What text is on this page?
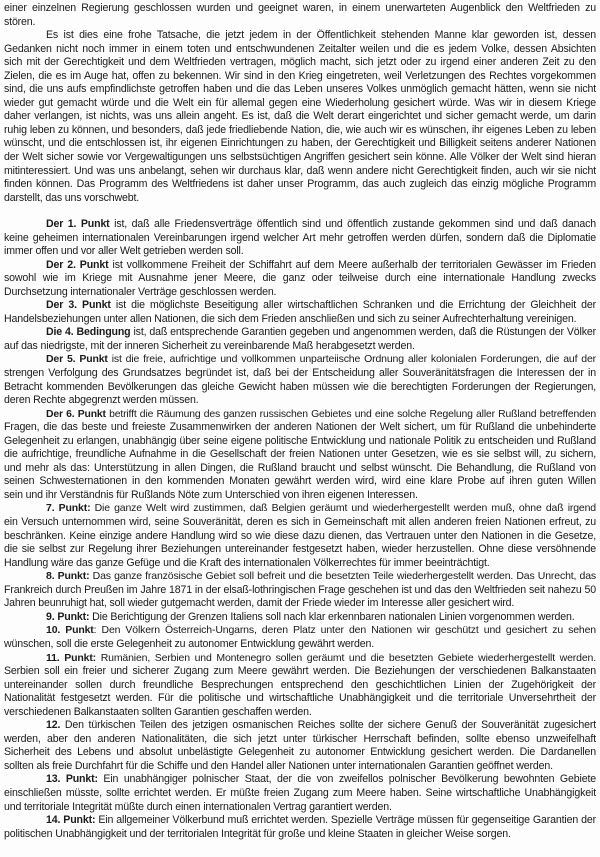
einer einzelnen Regierung geschlossen wurden und geeignet waren, in einem unerwarteten Augenblick den Weltfrieden zu
stören.

Es ist dies eine frohe Tatsache, die jetzt jedem in der Öffentlichkeit stehenden Manne klar geworden ist, dessen
Gedanken nicht noch immer in einem toten und entschwundenen Zeitalter weilen und die es jedem Volke, dessen Absichten
sich mit der Gerechtigkeit und dem Weltfrieden vertragen, möglich macht, sich jetzt oder zu irgend einer anderen Zeit zu den
Zielen, die es im Auge hat, offen zu bekennen. Wir sind in den Krieg eingetreten, weil Verletzungen des Rechtes vorgekommen
sind, die uns aufs empfindlichste getroffen haben und die das Leben unseres Volkes unmöglich gemacht hätten, wenn sie nicht
wieder gut gemacht würde und die Welt ein für allemal gegen eine Wiederholung gesichert würde. Was wir in diesem Kriege
daher verlangen, ist nichts, was uns allein angeht. Es ist, daß die Welt derart eingerichtet und sicher gemacht werde, um darin
ruhig leben zu können, und besonders, daß jede friedliebende Nation, die, wie auch wir es wünschen, ihr eigenes Leben zu leben
wünscht, und die entschlossen ist, ihr eigenen Einrichtungen zu haben, der Gerechtigkeit und Billigkeit seitens anderer Nationen
der Welt sicher sowie vor Vergewaltigungen uns selbstsüchtigen Angriffen gesichert sein könne. Alle Völker der Welt sind hieran
mitinteressiert. Und was uns anbelangt, sehen wir durchaus klar, daß wenn andere nicht Gerechtigkeit finden, auch wir sie nicht
finden können. Das Programm des Weltfriedens ist daher unser Programm, das auch zugleich das einzig mögliche Programm
darstellt, das uns vorschwebt.

Der 1. Punkt ist, daß alle Friedensverträge öffentlich sind und öffentlich zustande gekommen sind und daß danach
keine geheimen internationalen Vereinbarungen irgend welcher Art mehr getroffen werden dürfen, sondern daß die Diplomatie
immer offen und vor aller Welt getrieben werden soll.

Der 2. Punkt ist vollkommene Freiheit der Schiffahrt auf dem Meere außerhalb der territorialen Gewässer im Frieden
sowohl wie im Kriege mit Ausnahme jener Meere, die ganz oder teilweise durch eine internationale Handlung zwecks
Durchsetzung internationaler Verträge geschlossen werden.

Der 3. Punkt ist die möglichste Beseitigung aller wirtschaftlichen Schranken und die Errichtung der Gleichheit der
Handelsbeziehungen unter allen Nationen, die sich dem Frieden anschließen und sich zu seiner Aufrechterhaltung vereinigen.

Die 4. Bedingung ist, daß entsprechende Garantien gegeben und angenommen werden, daß die Rüstungen der Völker
auf das niedrigste, mit der inneren Sicherheit zu vereinbarende Maß herabgesetzt werden.

Der 5. Punkt ist die freie, aufrichtige und vollkommen unparteiische Ordnung aller kolonialen Forderungen, die auf der
strengen Verfolgung des Grundsatzes begründet ist, daß bei der Entscheidung aller Souveränitätsfragen die Interessen der in
Betracht kommenden Bevölkerungen das gleiche Gewicht haben müssen wie die berechtigten Forderungen der Regierungen,
deren Rechte abgegrenzt werden müssen.

Der 6. Punkt betrifft die Räumung des ganzen russischen Gebietes und eine solche Regelung aller Rußland betreffenden
Fragen, die das beste und freieste Zusammenwirken der anderen Nationen der Welt sichert, um für Rußland die unbehinderte
Gelegenheit zu erlangen, unabhängig über seine eigene politische Entwicklung und nationale Politik zu entscheiden und Rußland
die aufrichtige, freundliche Aufnahme in die Gesellschaft der freien Nationen unter Gesetzen, wie es sie selbst will, zu sichern,
und mehr als das: Unterstützung in allen Dingen, die Rußland braucht und selbst wünscht. Die Behandlung, die Rußland von
seinen Schwesternationen in den kommenden Monaten gewährt werden wird, wird eine klare Probe auf ihren guten Willen
sein und ihr Verständnis für Rußlands Nöte zum Unterschied von ihren eigenen Interessen.

7. Punkt: Die ganze Welt wird zustimmen, daß Belgien geräumt und wiederhergestellt werden muß, ohne daß irgend
ein Versuch unternommen wird, seine Souveränität, deren es sich in Gemeinschaft mit allen anderen freien Nationen erfreut, zu
beschränken. Keine einzige andere Handlung wird so wie diese dazu dienen, das Vertrauen unter den Nationen in die Gesetze,
die sie selbst zur Regelung ihrer Beziehungen untereinander festgesetzt haben, wieder herzustellen. Ohne diese versöhnende
Handlung wäre das ganze Gefüge und die Kraft des internationalen Völkerrechtes für immer beeinträchtigt.

8. Punkt: Das ganze französische Gebiet soll befreit und die besetzten Teile wiederhergestellt werden. Das Unrecht, das
Frankreich durch Preußen im Jahre 1871 in der elsaß-lothringischen Frage geschehen ist und das den Weltfrieden seit nahezu 50
Jahren beunruhigt hat, soll wieder gutgemacht werden, damit der Friede wieder im Interesse aller gesichert wird.

9. Punkt: Die Berichtigung der Grenzen Italiens soll nach klar erkennbaren nationalen Linien vorgenommen werden.

10. Punkt: Den Völkern Österreich-Ungarns, deren Platz unter den Nationen wir geschützt und gesichert zu sehen
wünschen, soll die erste Gelegenheit zu autonomer Entwicklung gewährt werden.

11. Punkt: Rumänien, Serbien und Montenegro sollen geräumt und die besetzten Gebiete wiederhergestellt werden.
Serbien soll ein freier und sicherer Zugang zum Meere gewährt werden. Die Beziehungen der verschiedenen Balkanstaaten
untereinander sollen durch freundliche Besprechungen entsprechend den geschichtlichen Linien der Zugehörigkeit der
Nationalität festgesetzt werden. Für die politische und wirtschaftliche Unabhängigkeit und die territoriale Unversehrtheit der
verschiedenen Balkanstaaten sollten Garantien geschaffen werden.

12. Den türkischen Teilen des jetzigen osmanischen Reiches sollte der sichere Genuß der Souveränität zugesichert
werden, aber den anderen Nationalitäten, die sich jetzt unter türkischer Herrschaft befinden, sollte ebenso unzweifelhaft
Sicherheit des Lebens und absolut unbelästigte Gelegenheit zu autonomer Entwicklung gesichert werden. Die Dardanellen
sollten als freie Durchfahrt für die Schiffe und den Handel aller Nationen unter internationalen Garantien geöffnet werden.

13. Punkt: Ein unabhängiger polnischer Staat, der die von zweifellos polnischer Bevölkerung bewohnten Gebiete
einschließen müsste, sollte errichtet werden. Er müßte freien Zugang zum Meere haben. Seine wirtschaftliche Unabhängigkeit
und territoriale Integrität müßte durch einen internationalen Vertrag garantiert werden.

14. Punkt: Ein allgemeiner Völkerbund muß errichtet werden. Spezielle Verträge müssen für gegenseitige Garantien der
politischen Unabhängigkeit und der territorialen Integrität für große und kleine Staaten in gleicher Weise sorgen.
